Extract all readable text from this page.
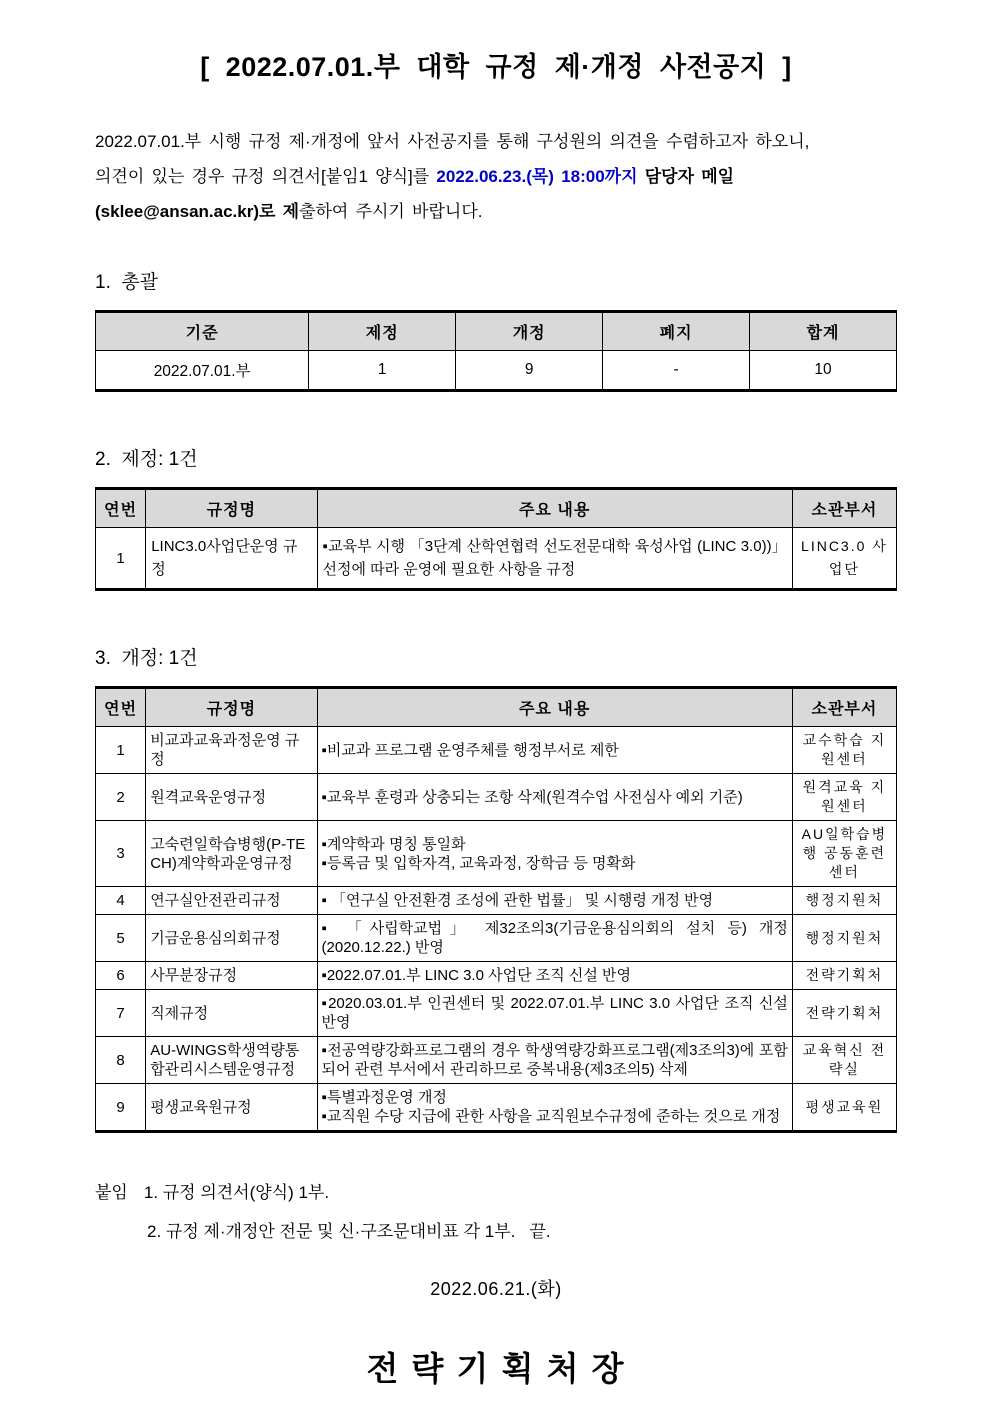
[ 2022.07.01.부 대학 규정 제·개정 사전공지 ]

2022.07.01.부 시행 규정 제·개정에 앞서 사전공지를 통해 구성원의 의견을 수렴하고자 하오니,
의견이 있는 경우 규정 의견서[붙임1 양식]를 2022.06.23.(목) 18:00까지 담당자 메일
(sklee@ansan.ac.kr)로 제출하여 주시기 바랍니다.

1.  총괄
기준	제정	개정	폐지	합계
2022.07.01.부	1	9	-	10
2.  제정: 1건
연번	규정명	주요 내용	소관부서
1	LINC3.0사업단운영 규정	▪교육부 시행 「3단계 산학연협력 선도전문대학 육성사업 (LINC 3.0))」 선정에 따라 운영에 필요한 사항을 규정	LINC3.0 사업단
3.  개정: 1건
연번	규정명	주요 내용	소관부서
1	비교과교육과정운영 규정	▪비교과 프로그램 운영주체를 행정부서로 제한	교수학습 지원센터
2	원격교육운영규정	▪교육부 훈령과 상충되는 조항 삭제(원격수업 사전심사 예외 기준)	원격교육 지원센터
3	고숙련일학습병행(P-TECH)계약학과운영규정	▪계약학과 명칭 통일화
▪등록금 및 입학자격, 교육과정, 장학금 등 명확화	AU일학습병행 공동훈련센터
4	연구실안전관리규정	▪ 「연구실 안전환경 조성에 관한 법률」 및 시행령 개정 반영	행정지원처
5	기금운용심의회규정	▪ 「사립학교법」 제32조의3(기금운용심의회의 설치 등) 개정 (2020.12.22.) 반영	행정지원처
6	사무분장규정	▪2022.07.01.부 LINC 3.0 사업단 조직 신설 반영	전략기획처
7	직제규정	▪2020.03.01.부 인권센터 및 2022.07.01.부 LINC 3.0 사업단 조직 신설 반영	전략기획처
8	AU-WINGS학생역량통합관리시스템운영규정	▪전공역량강화프로그램의 경우 학생역량강화프로그램(제3조의3)에 포함되어 관련 부서에서 관리하므로 중복내용(제3조의5) 삭제	교육혁신 전략실
9	평생교육원규정	▪특별과정운영 개정
▪교직원 수당 지급에 관한 사항을 교직원보수규정에 준하는 것으로 개정	평생교육원
붙임 1. 규정 의견서(양식) 1부.
2. 규정 제·개정안 전문 및 신·구조문대비표 각 1부.   끝.
2022.06.21.(화)
전 략 기 획 처 장
